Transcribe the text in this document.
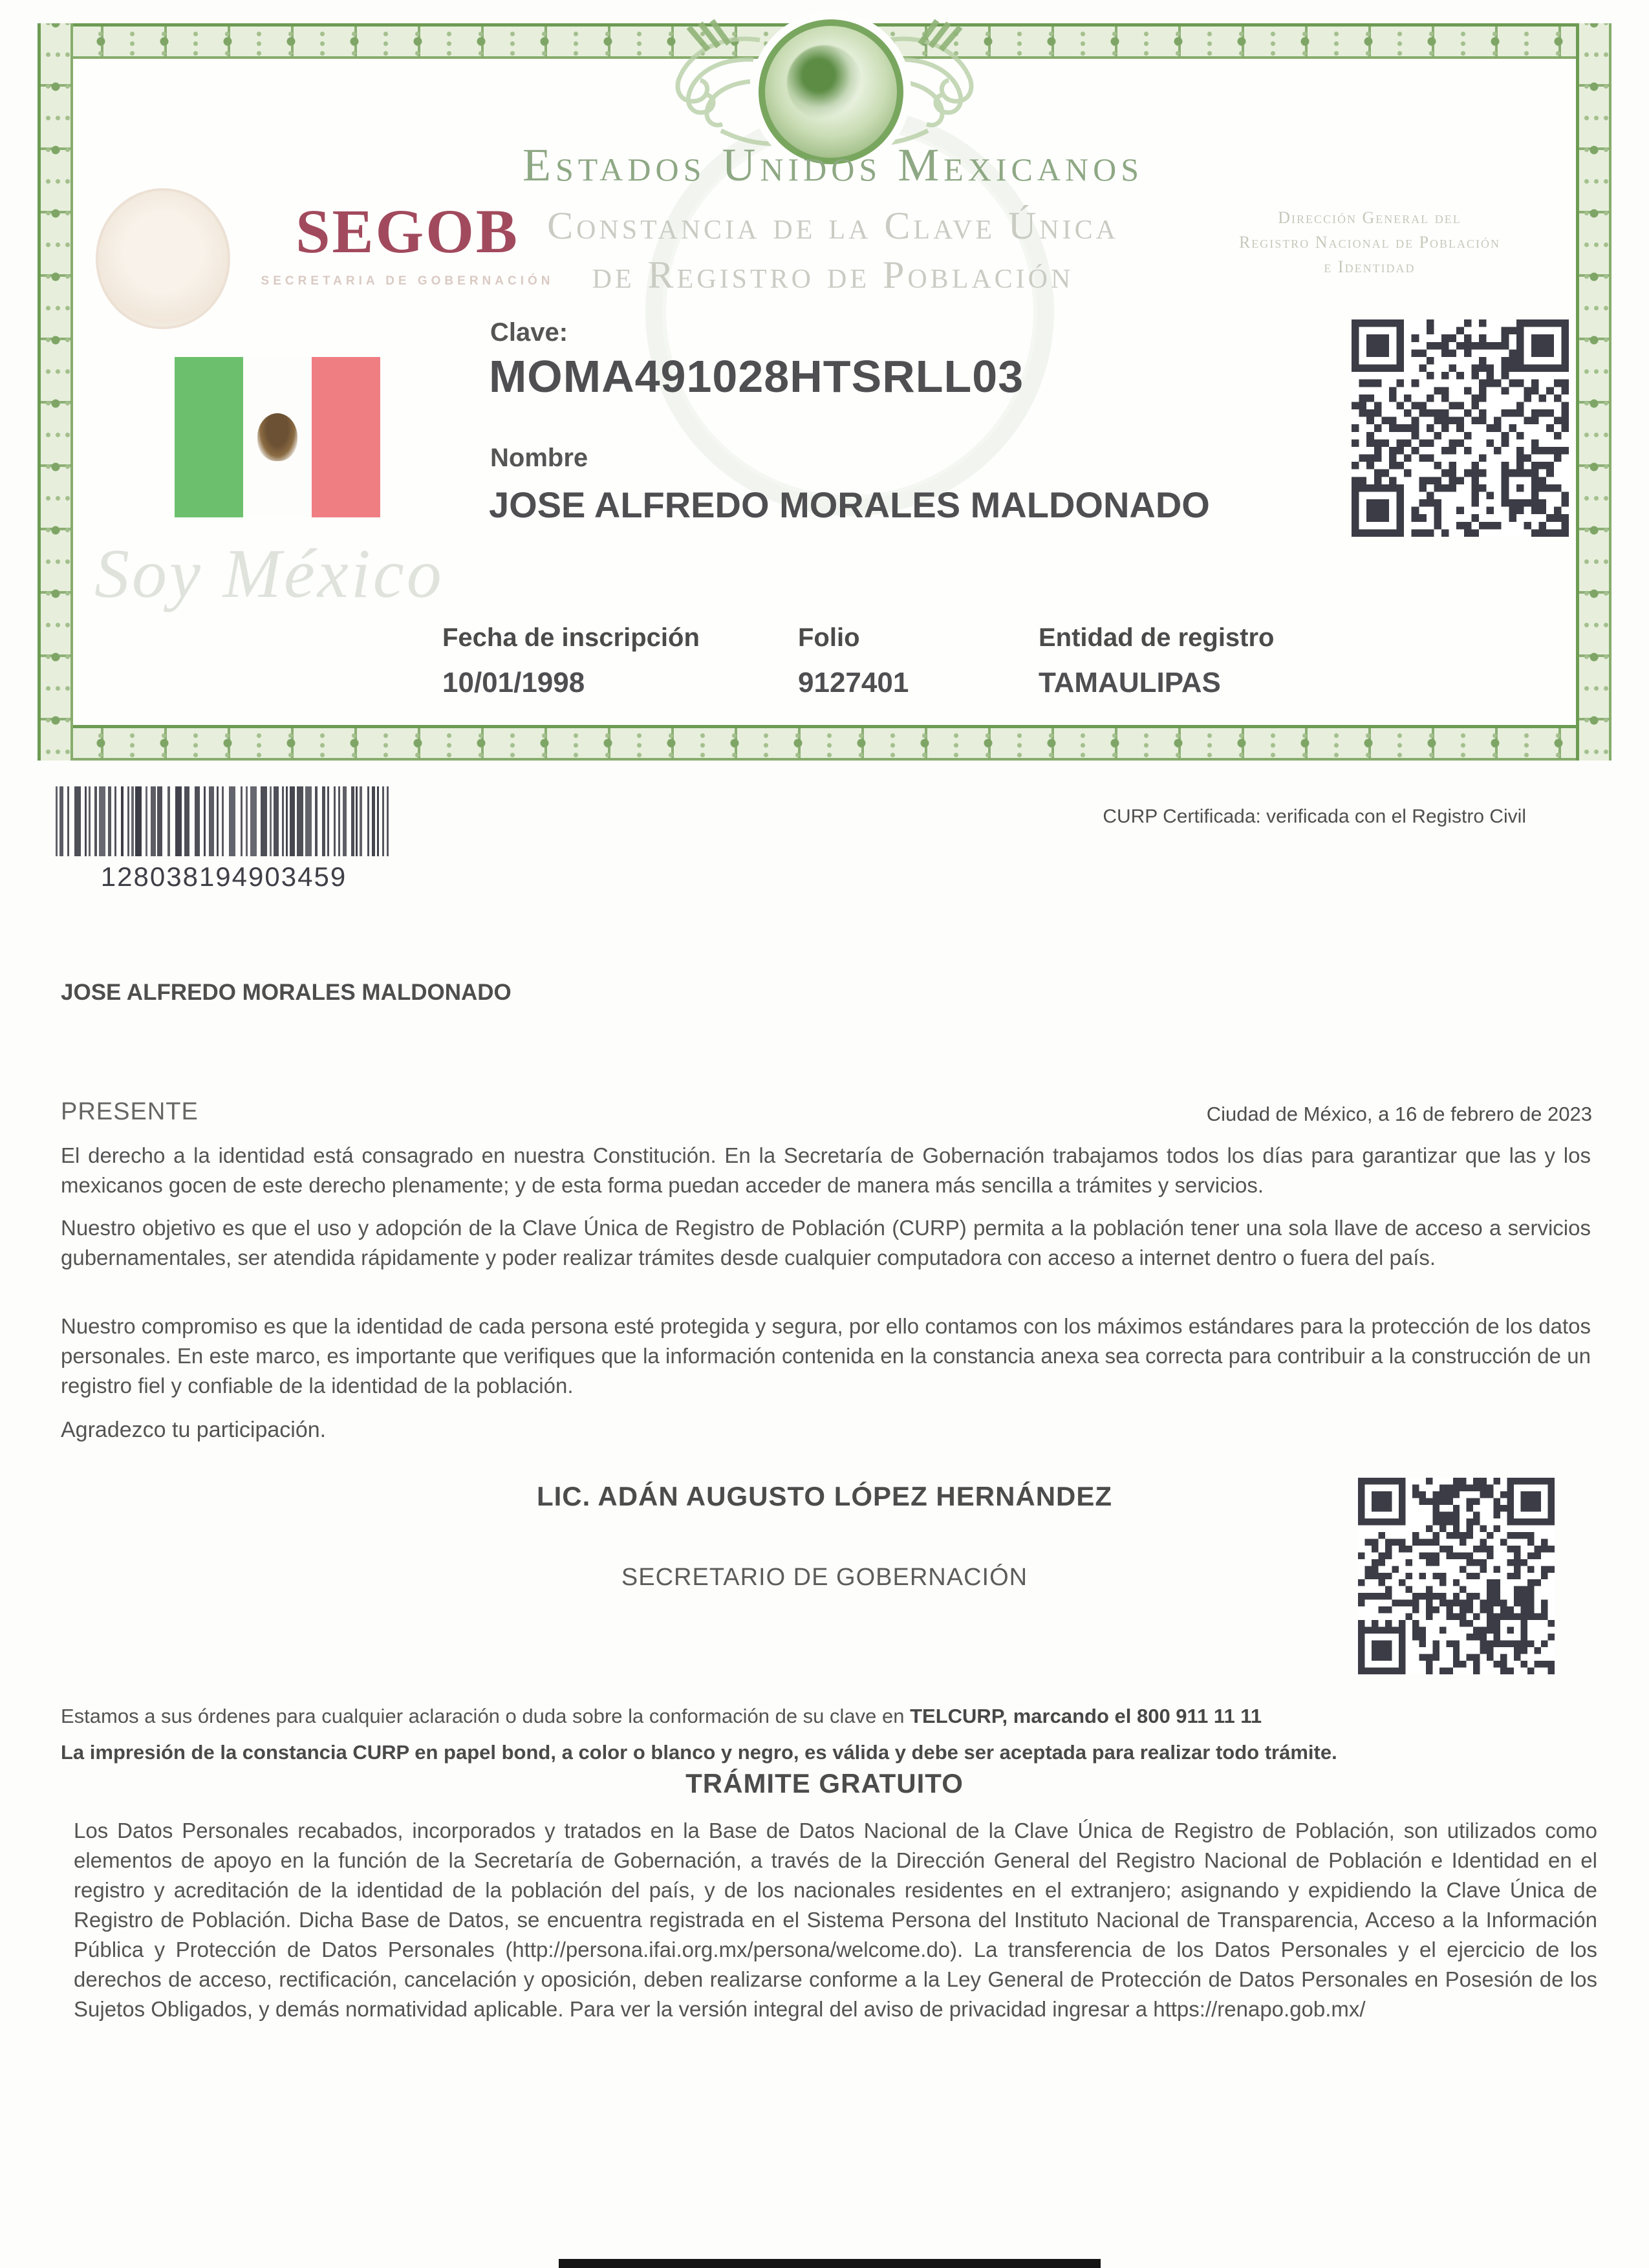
SEGOB
SECRETARIA DE GOBERNACIÓN
Estados Unidos Mexicanos
Constancia de la Clave Única
de Registro de Población
Dirección General del
Registro Nacional de Población
e Identidad
Clave:
MOMA491028HTSRLL03
Nombre
JOSE ALFREDO MORALES MALDONADO
Soy México
Fecha de inscripción
10/01/1998
Folio
9127401
Entidad de registro
TAMAULIPAS
128038194903459
CURP Certificada: verificada con el Registro Civil
JOSE ALFREDO MORALES MALDONADO
PRESENTE	Ciudad de México, a 16 de febrero de 2023
El derecho a la identidad está consagrado en nuestra Constitución. En la Secretaría de Gobernación trabajamos todos los días para garantizar que las y los mexicanos gocen de este derecho plenamente; y de esta forma puedan acceder de manera más sencilla a trámites y servicios.
Nuestro objetivo es que el uso y adopción de la Clave Única de Registro de Población (CURP) permita a la población tener una sola llave de acceso a servicios gubernamentales, ser atendida rápidamente y poder realizar trámites desde cualquier computadora con acceso a internet dentro o fuera del país.
Nuestro compromiso es que la identidad de cada persona esté protegida y segura, por ello contamos con los máximos estándares para la protección de los datos personales. En este marco, es importante que verifiques que la información contenida en la constancia anexa sea correcta para contribuir a la construcción de un registro fiel y confiable de la identidad de la población.
Agradezco tu participación.
LIC. ADÁN AUGUSTO LÓPEZ HERNÁNDEZ
SECRETARIO DE GOBERNACIÓN
Estamos a sus órdenes para cualquier aclaración o duda sobre la conformación de su clave en TELCURP, marcando el 800 911 11 11
La impresión de la constancia CURP en papel bond, a color o blanco y negro, es válida y debe ser aceptada para realizar todo trámite.
TRÁMITE GRATUITO
Los Datos Personales recabados, incorporados y tratados en la Base de Datos Nacional de la Clave Única de Registro de Población, son utilizados como elementos de apoyo en la función de la Secretaría de Gobernación, a través de la Dirección General del Registro Nacional de Población e Identidad en el registro y acreditación de la identidad de la población del país, y de los nacionales residentes en el extranjero; asignando y expidiendo la Clave Única de Registro de Población. Dicha Base de Datos, se encuentra registrada en el Sistema Persona del Instituto Nacional de Transparencia, Acceso a la Información Pública y Protección de Datos Personales (http://persona.ifai.org.mx/persona/welcome.do). La transferencia de los Datos Personales y el ejercicio de los derechos de acceso, rectificación, cancelación y oposición, deben realizarse conforme a la Ley General de Protección de Datos Personales en Posesión de los Sujetos Obligados, y demás normatividad aplicable. Para ver la versión integral del aviso de privacidad ingresar a https://renapo.gob.mx/
